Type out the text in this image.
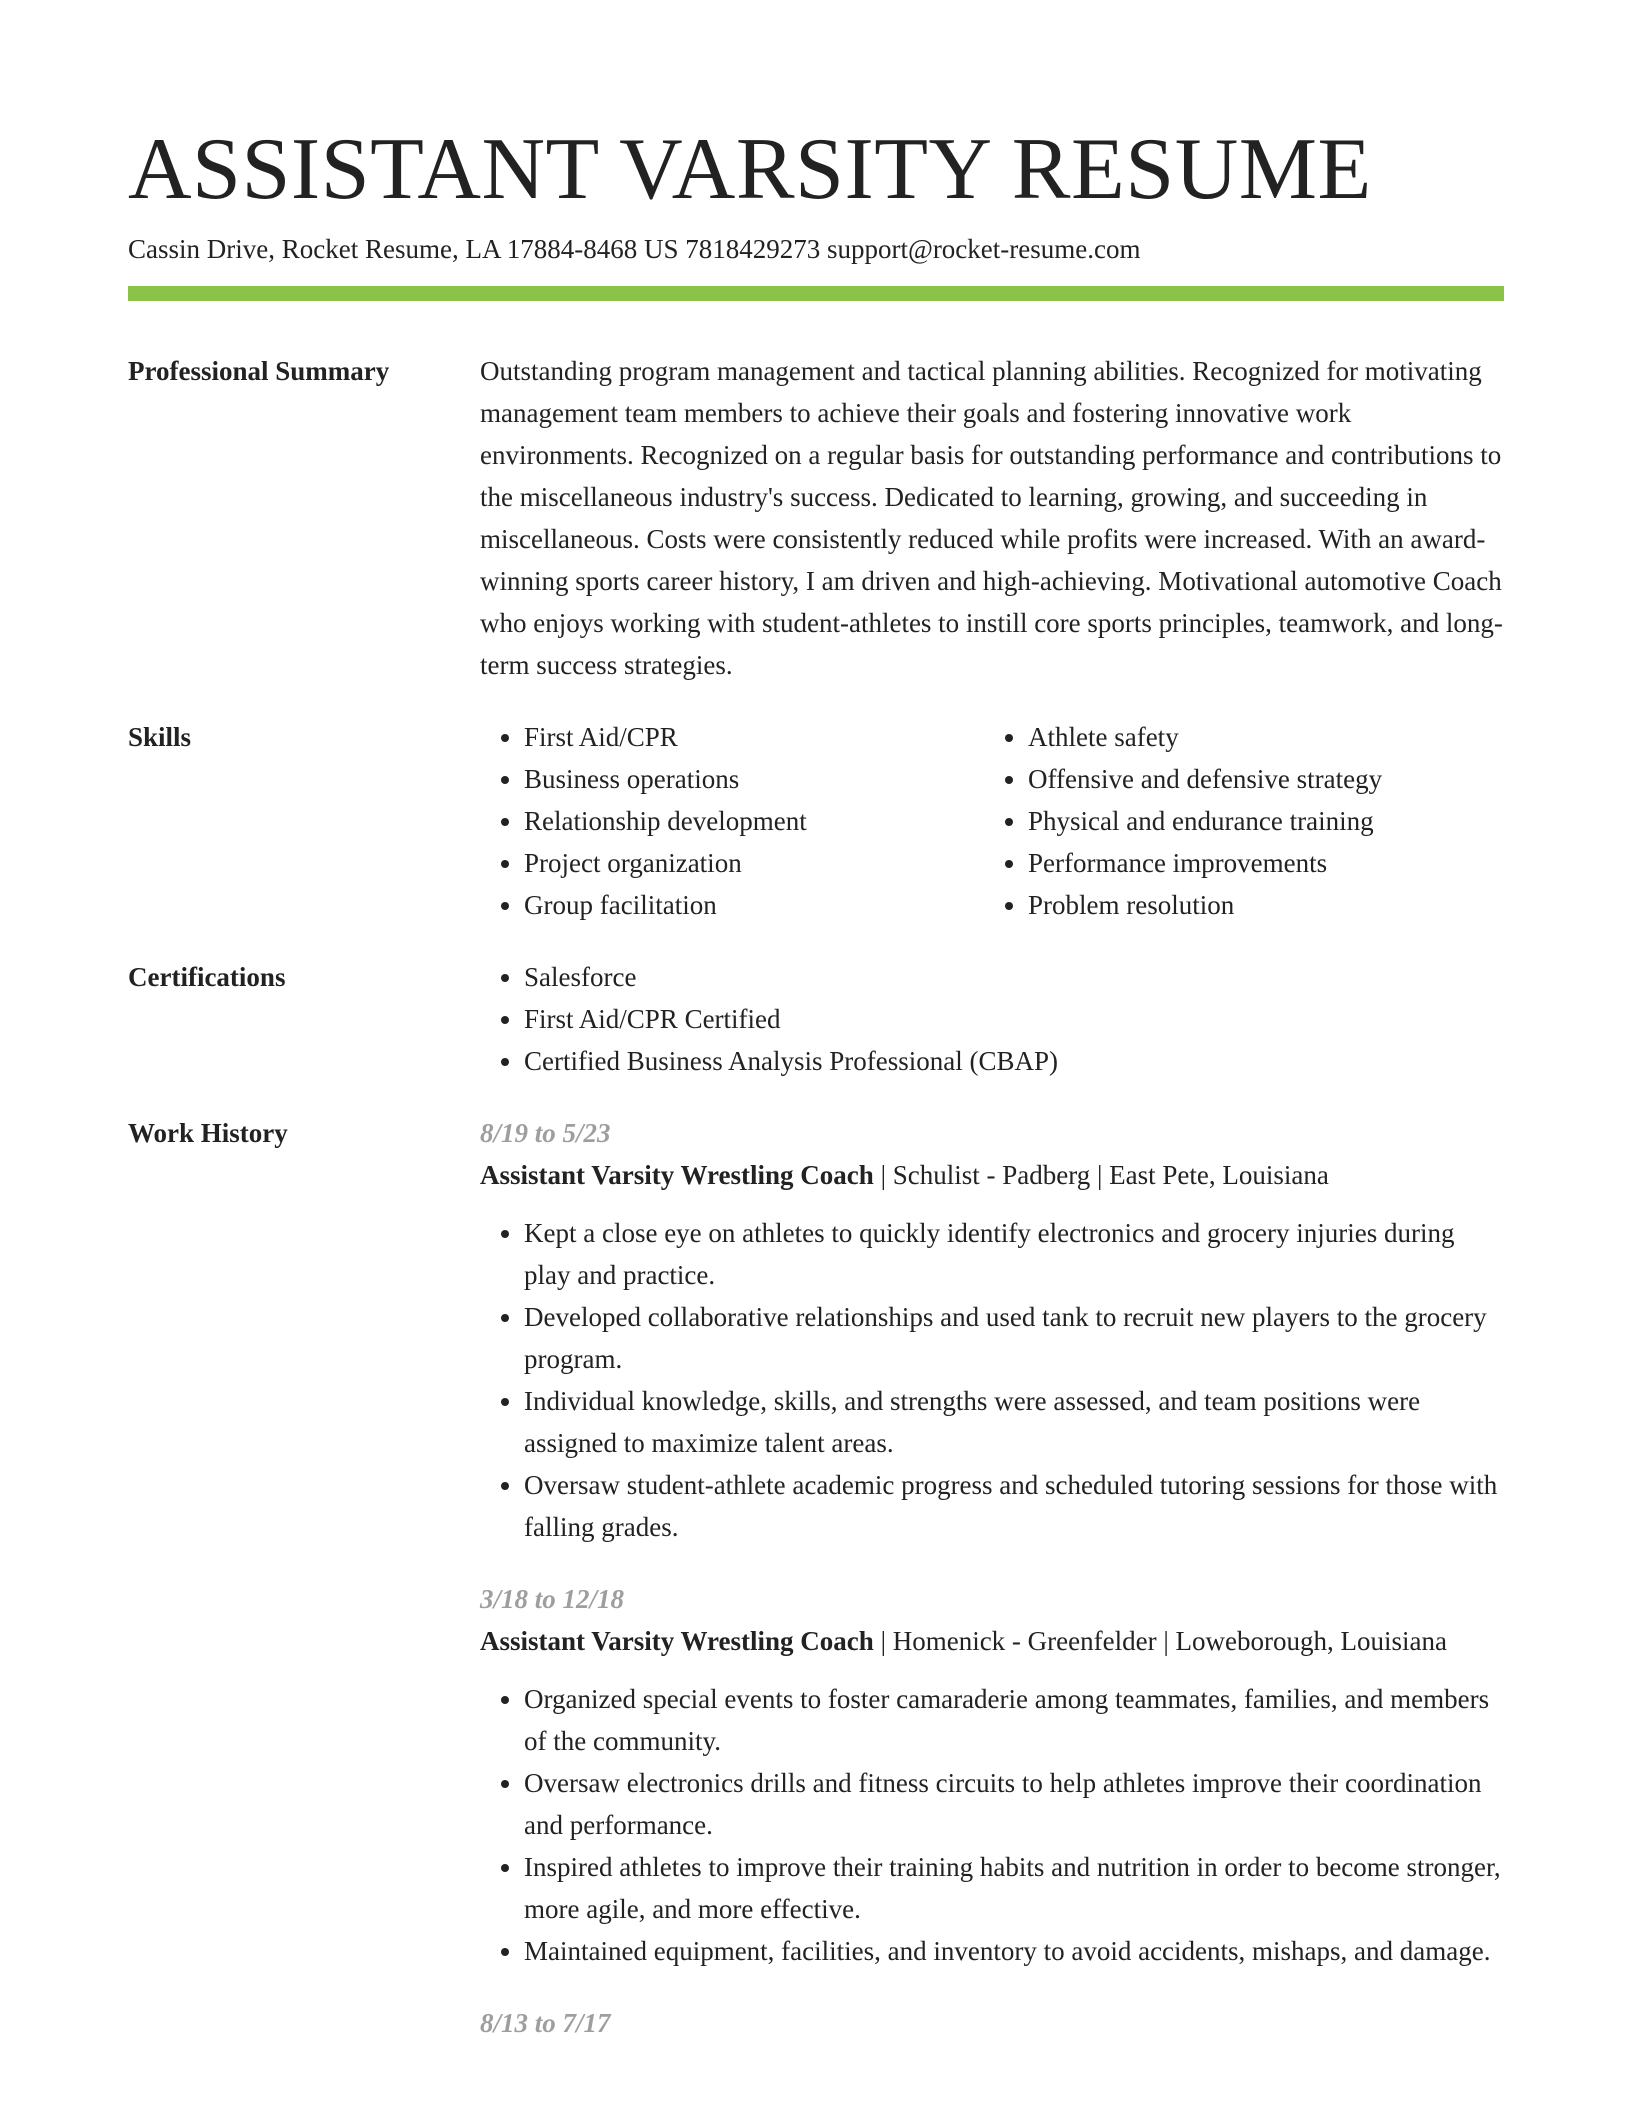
ASSISTANT VARSITY RESUME
Cassin Drive, Rocket Resume, LA 17884-8468 US 7818429273 support@rocket-resume.com
Professional Summary	Outstanding program management and tactical planning abilities. Recognized for motivating management team members to achieve their goals and fostering innovative work environments. Recognized on a regular basis for outstanding performance and contributions to the miscellaneous industry's success. Dedicated to learning, growing, and succeeding in miscellaneous. Costs were consistently reduced while profits were increased. With an award-winning sports career history, I am driven and high-achieving. Motivational automotive Coach who enjoys working with student-athletes to instill core sports principles, teamwork, and long-term success strategies.

Skills	• First Aid/CPR
• Business operations
• Relationship development
• Project organization
• Group facilitation
• Athlete safety
• Offensive and defensive strategy
• Physical and endurance training
• Performance improvements
• Problem resolution
Certifications	• Salesforce
• First Aid/CPR Certified
• Certified Business Analysis Professional (CBAP)
Work History	8/19 to 5/23
Assistant Varsity Wrestling Coach | Schulist - Padberg | East Pete, Louisiana
• Kept a close eye on athletes to quickly identify electronics and grocery injuries during play and practice.
• Developed collaborative relationships and used tank to recruit new players to the grocery program.
• Individual knowledge, skills, and strengths were assessed, and team positions were assigned to maximize talent areas.
• Oversaw student-athlete academic progress and scheduled tutoring sessions for those with falling grades.
3/18 to 12/18
Assistant Varsity Wrestling Coach | Homenick - Greenfelder | Loweborough, Louisiana
• Organized special events to foster camaraderie among teammates, families, and members of the community.
• Oversaw electronics drills and fitness circuits to help athletes improve their coordination and performance.
• Inspired athletes to improve their training habits and nutrition in order to become stronger, more agile, and more effective.
• Maintained equipment, facilities, and inventory to avoid accidents, mishaps, and damage.
8/13 to 7/17
